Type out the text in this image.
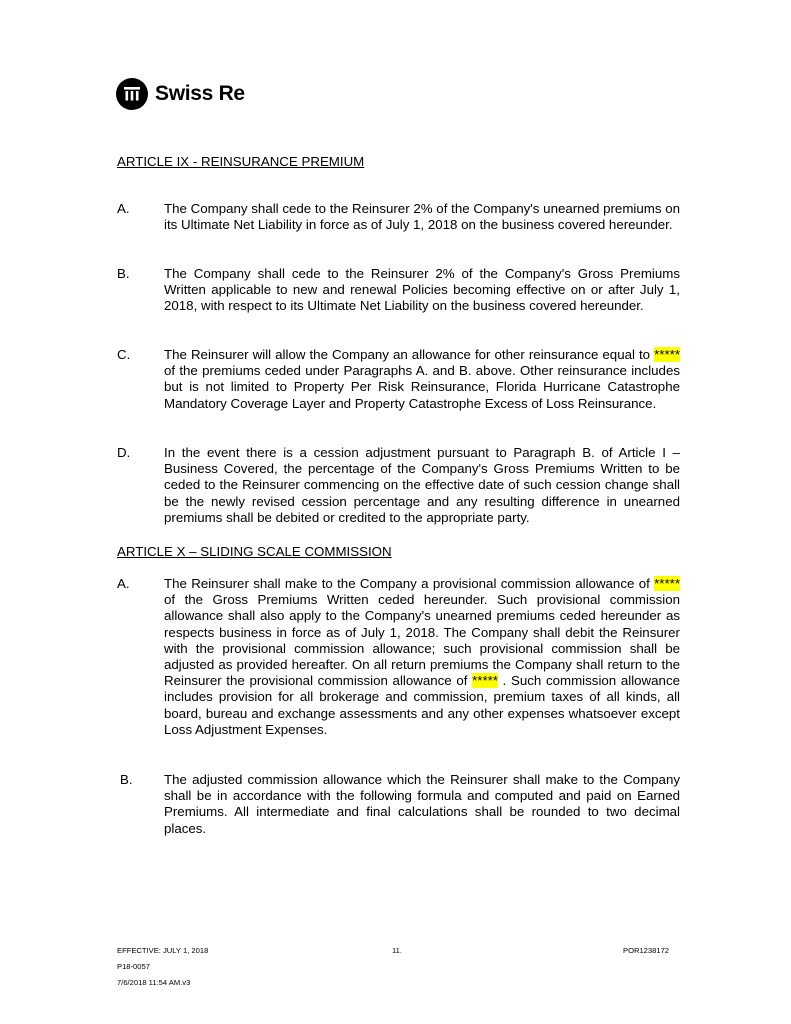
Swiss Re
ARTICLE IX - REINSURANCE PREMIUM
A.	The Company shall cede to the Reinsurer 2% of the Company's unearned premiums on its Ultimate Net Liability in force as of July 1, 2018 on the business covered hereunder.
B.	The Company shall cede to the Reinsurer 2% of the Company's Gross Premiums Written applicable to new and renewal Policies becoming effective on or after July 1, 2018, with respect to its Ultimate Net Liability on the business covered hereunder.
C.	The Reinsurer will allow the Company an allowance for other reinsurance equal to ***** of the premiums ceded under Paragraphs A. and B. above. Other reinsurance includes but is not limited to Property Per Risk Reinsurance, Florida Hurricane Catastrophe Mandatory Coverage Layer and Property Catastrophe Excess of Loss Reinsurance.
D.	In the event there is a cession adjustment pursuant to Paragraph B. of Article I – Business Covered, the percentage of the Company's Gross Premiums Written to be ceded to the Reinsurer commencing on the effective date of such cession change shall be the newly revised cession percentage and any resulting difference in unearned premiums shall be debited or credited to the appropriate party.
ARTICLE X – SLIDING SCALE COMMISSION
A.	The Reinsurer shall make to the Company a provisional commission allowance of ***** of the Gross Premiums Written ceded hereunder. Such provisional commission allowance shall also apply to the Company's unearned premiums ceded hereunder as respects business in force as of July 1, 2018. The Company shall debit the Reinsurer with the provisional commission allowance; such provisional commission shall be adjusted as provided hereafter. On all return premiums the Company shall return to the Reinsurer the provisional commission allowance of ***** . Such commission allowance includes provision for all brokerage and commission, premium taxes of all kinds, all board, bureau and exchange assessments and any other expenses whatsoever except Loss Adjustment Expenses.
B. The adjusted commission allowance which the Reinsurer shall make to the Company shall be in accordance with the following formula and computed and paid on Earned Premiums. All intermediate and final calculations shall be rounded to two decimal places.
EFFECTIVE: JULY 1, 2018	11.	POR1238172
P18-0057
7/6/2018 11:54 AM.v3
